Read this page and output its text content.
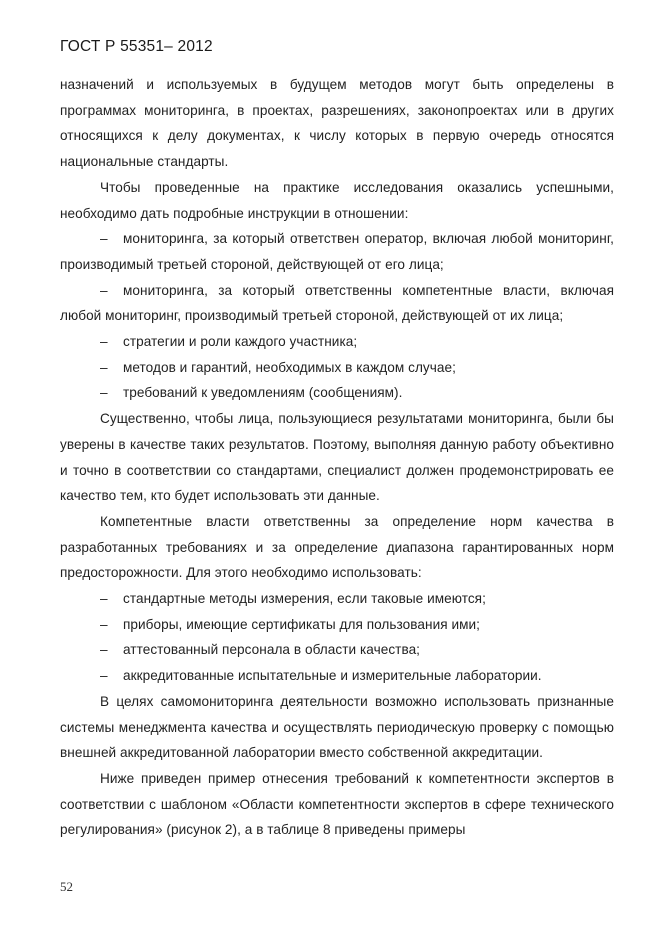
ГОСТ Р 55351– 2012

назначений и используемых в будущем методов могут быть определены в программах мониторинга, в проектах, разрешениях, законопроектах или в других относящихся к делу документах, к числу которых в первую очередь относятся национальные стандарты.

Чтобы проведенные на практике исследования оказались успешными, необходимо дать подробные инструкции в отношении:

– мониторинга, за который ответствен оператор, включая любой мониторинг, производимый третьей стороной, действующей от его лица;

– мониторинга, за который ответственны компетентные власти, включая любой мониторинг, производимый третьей стороной, действующей от их лица;

– стратегии и роли каждого участника;

– методов и гарантий, необходимых в каждом случае;

– требований к уведомлениям (сообщениям).

Существенно, чтобы лица, пользующиеся результатами мониторинга, были бы уверены в качестве таких результатов. Поэтому, выполняя данную работу объективно и точно в соответствии со стандартами, специалист должен продемонстрировать ее качество тем, кто будет использовать эти данные.

Компетентные власти ответственны за определение норм качества в разработанных требованиях и за определение диапазона гарантированных норм предосторожности. Для этого необходимо использовать:

– стандартные методы измерения, если таковые имеются;

– приборы, имеющие сертификаты для пользования ими;

– аттестованный персонала в области качества;

– аккредитованные испытательные и измерительные лаборатории.

В целях самомониторинга деятельности возможно использовать признанные системы менеджмента качества и осуществлять периодическую проверку с помощью внешней аккредитованной лаборатории вместо собственной аккредитации.

Ниже приведен пример отнесения требований к компетентности экспертов в соответствии с шаблоном «Области компетентности экспертов в сфере технического регулирования» (рисунок 2), а в таблице 8 приведены примеры

52
